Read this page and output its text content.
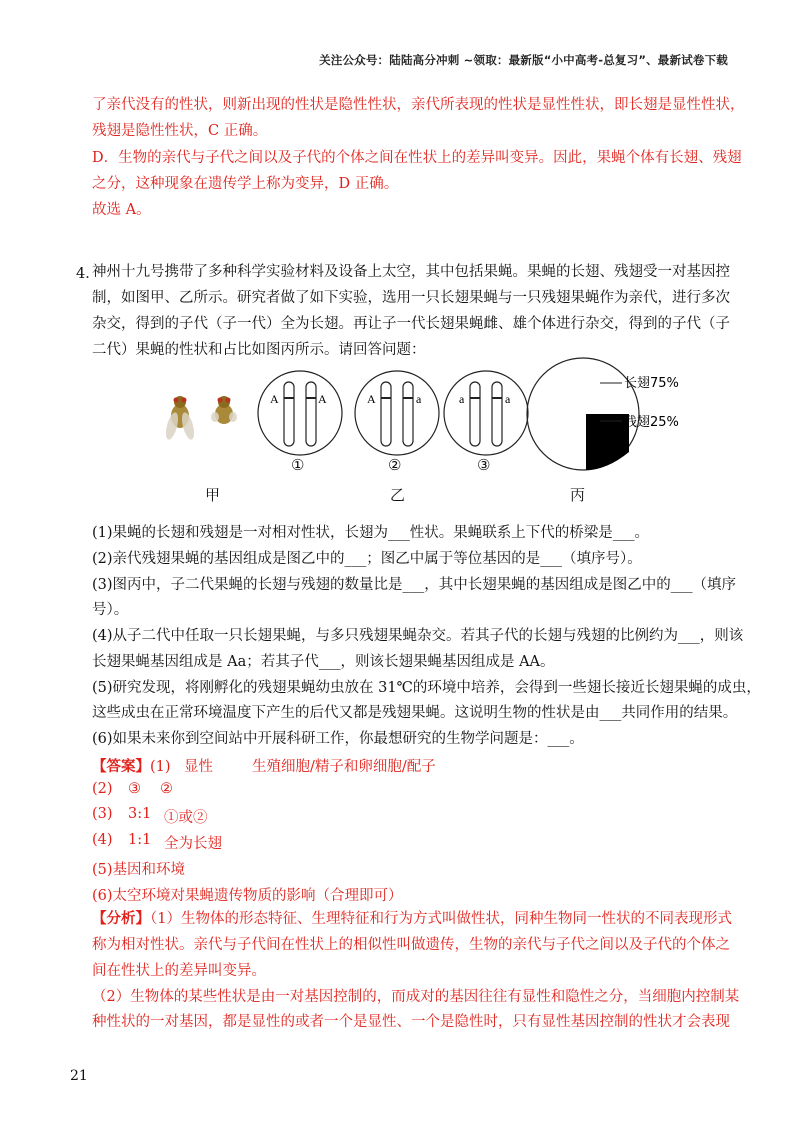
关注公众号：陆陆高分冲刺 ~领取：最新版“小中高考-总复习”、最新试卷下载
了亲代没有的性状，则新出现的性状是隐性性状，亲代所表现的性状是显性性状，即长翅是显性性状，
残翅是隐性性状，C 正确。
D．生物的亲代与子代之间以及子代的个体之间在性状上的差异叫变异。因此，果蝇个体有长翅、残翅
之分，这种现象在遗传学上称为变异，D 正确。
故选 A。
4．
神州十九号携带了多种科学实验材料及设备上太空，其中包括果蝇。果蝇的长翅、残翅受一对基因控
制，如图甲、乙所示。研究者做了如下实验，选用一只长翅果蝇与一只残翅果蝇作为亲代，进行多次
杂交，得到的子代（子一代）全为长翅。再让子一代长翅果蝇雌、雄个体进行杂交，得到的子代（子
二代）果蝇的性状和占比如图丙所示。请回答问题：
A	A	A	a	a	a
长翅75%
残翅25%
①	②	③
甲	乙	丙
(1)果蝇的长翅和残翅是一对相对性状，长翅为___性状。果蝇联系上下代的桥梁是___。
(2)亲代残翅果蝇的基因组成是图乙中的___；图乙中属于等位基因的是___（填序号）。
(3)图丙中，子二代果蝇的长翅与残翅的数量比是___，其中长翅果蝇的基因组成是图乙中的___（填序
号）。
(4)从子二代中任取一只长翅果蝇，与多只残翅果蝇杂交。若其子代的长翅与残翅的比例约为___，则该
长翅果蝇基因组成是 Aa；若其子代___，则该长翅果蝇基因组成是 AA。
(5)研究发现，将刚孵化的残翅果蝇幼虫放在 31℃的环境中培养，会得到一些翅长接近长翅果蝇的成虫，
这些成虫在正常环境温度下产生的后代又都是残翅果蝇。这说明生物的性状是由___共同作用的结果。
(6)如果未来你到空间站中开展科研工作，你最想研究的生物学问题是：___。
【答案】(1) 显性	生殖细胞/精子和卵细胞/配子
(2) ③ ②
(3) 3:1 ①或②
(4) 1:1 全为长翅
(5)基因和环境
(6)太空环境对果蝇遗传物质的影响（合理即可）
【分析】（1）生物体的形态特征、生理特征和行为方式叫做性状，同种生物同一性状的不同表现形式
称为相对性状。亲代与子代间在性状上的相似性叫做遗传，生物的亲代与子代之间以及子代的个体之
间在性状上的差异叫变异。
（2）生物体的某些性状是由一对基因控制的，而成对的基因往往有显性和隐性之分，当细胞内控制某
种性状的一对基因，都是显性的或者一个是显性、一个是隐性时，只有显性基因控制的性状才会表现
21
